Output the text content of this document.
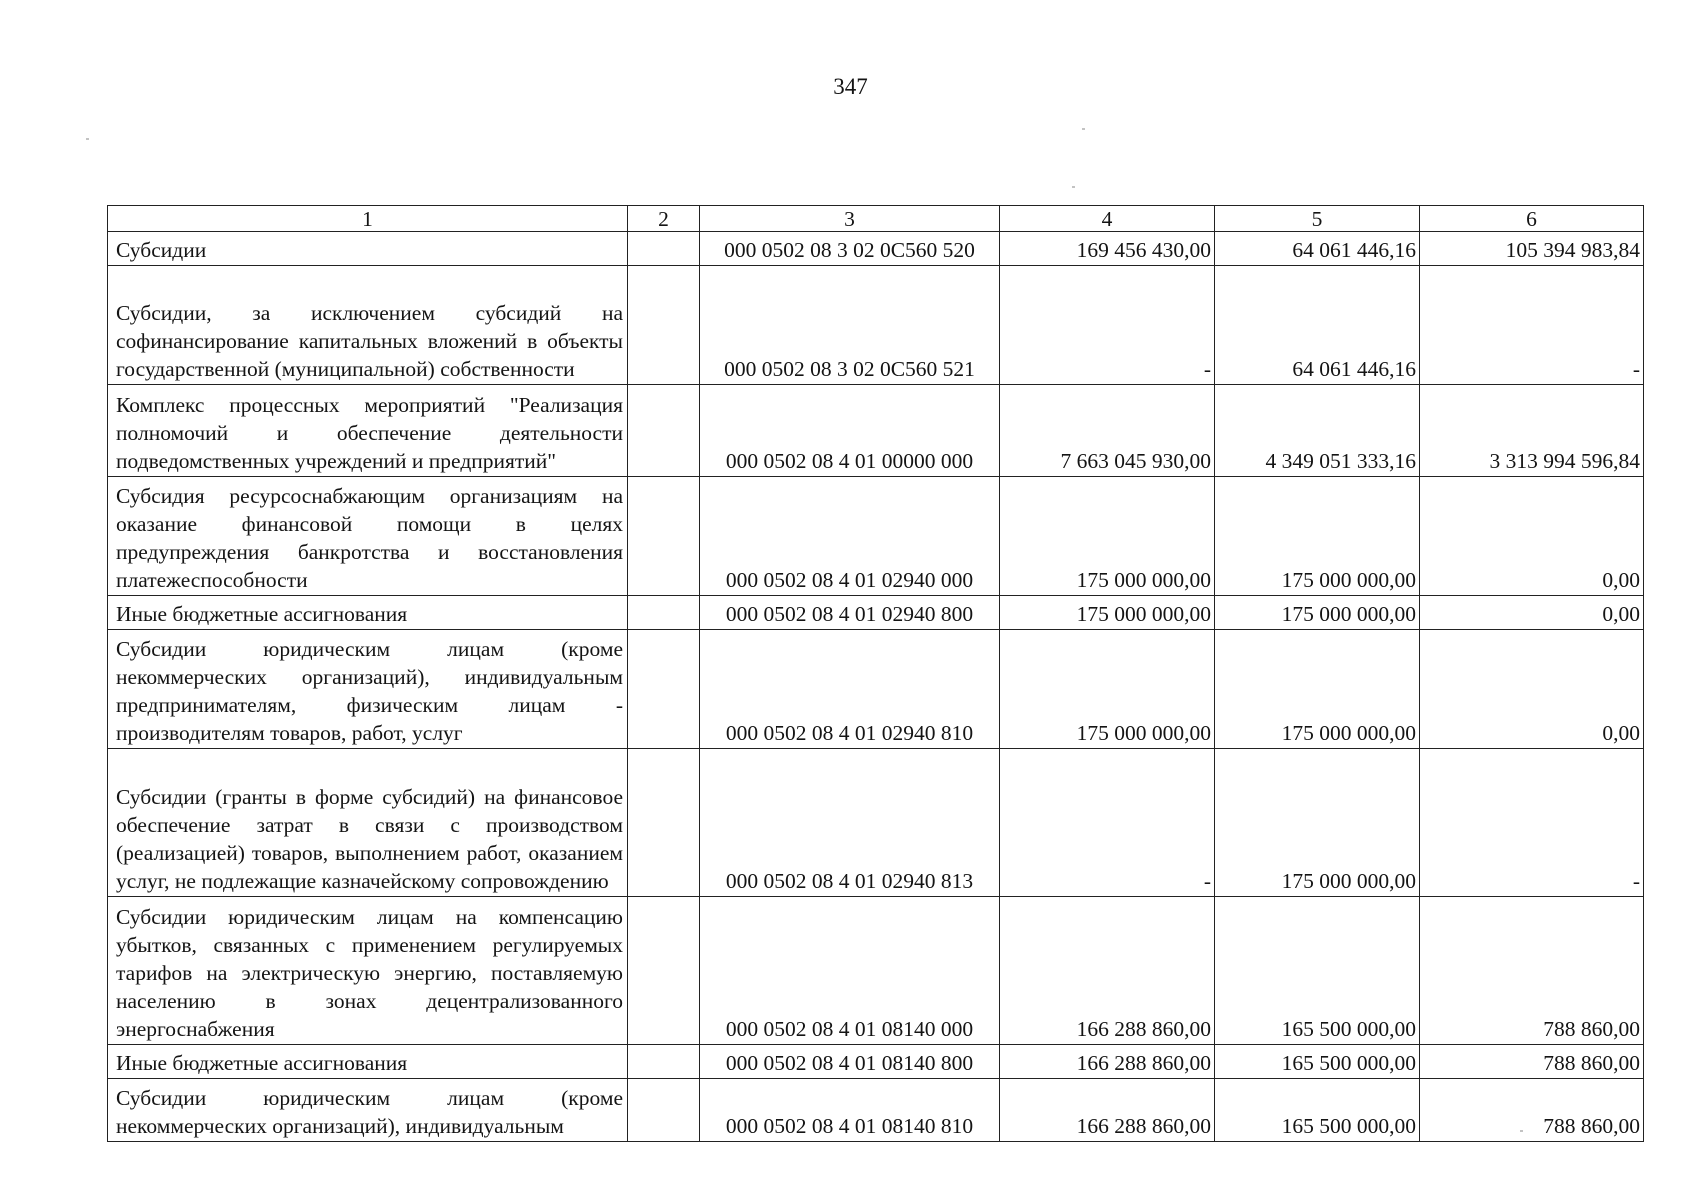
347
1	2	3	4	5	6
Субсидии		000 0502 08 3 02 0С560 520	169 456 430,00	64 061 446,16	105 394 983,84
Субсидии, за исключением субсидий на софинансирование капитальных вложений в объекты государственной (муниципальной) собственности		000 0502 08 3 02 0С560 521	-	64 061 446,16	-
Комплекс процессных мероприятий "Реализация полномочий и обеспечение деятельности подведомственных учреждений и предприятий"		000 0502 08 4 01 00000 000	7 663 045 930,00	4 349 051 333,16	3 313 994 596,84
Субсидия ресурсоснабжающим организациям на оказание финансовой помощи в целях предупреждения банкротства и восстановления платежеспособности		000 0502 08 4 01 02940 000	175 000 000,00	175 000 000,00	0,00
Иные бюджетные ассигнования		000 0502 08 4 01 02940 800	175 000 000,00	175 000 000,00	0,00
Субсидии юридическим лицам (кроме некоммерческих организаций), индивидуальным предпринимателям, физическим лицам - производителям товаров, работ, услуг		000 0502 08 4 01 02940 810	175 000 000,00	175 000 000,00	0,00
Субсидии (гранты в форме субсидий) на финансовое обеспечение затрат в связи с производством (реализацией) товаров, выполнением работ, оказанием услуг, не подлежащие казначейскому сопровождению		000 0502 08 4 01 02940 813	-	175 000 000,00	-
Субсидии юридическим лицам на компенсацию убытков, связанных с применением регулируемых тарифов на электрическую энергию, поставляемую населению в зонах децентрализованного энергоснабжения		000 0502 08 4 01 08140 000	166 288 860,00	165 500 000,00	788 860,00
Иные бюджетные ассигнования		000 0502 08 4 01 08140 800	166 288 860,00	165 500 000,00	788 860,00
Субсидии юридическим лицам (кроме некоммерческих организаций), индивидуальным		000 0502 08 4 01 08140 810	166 288 860,00	165 500 000,00	788 860,00
